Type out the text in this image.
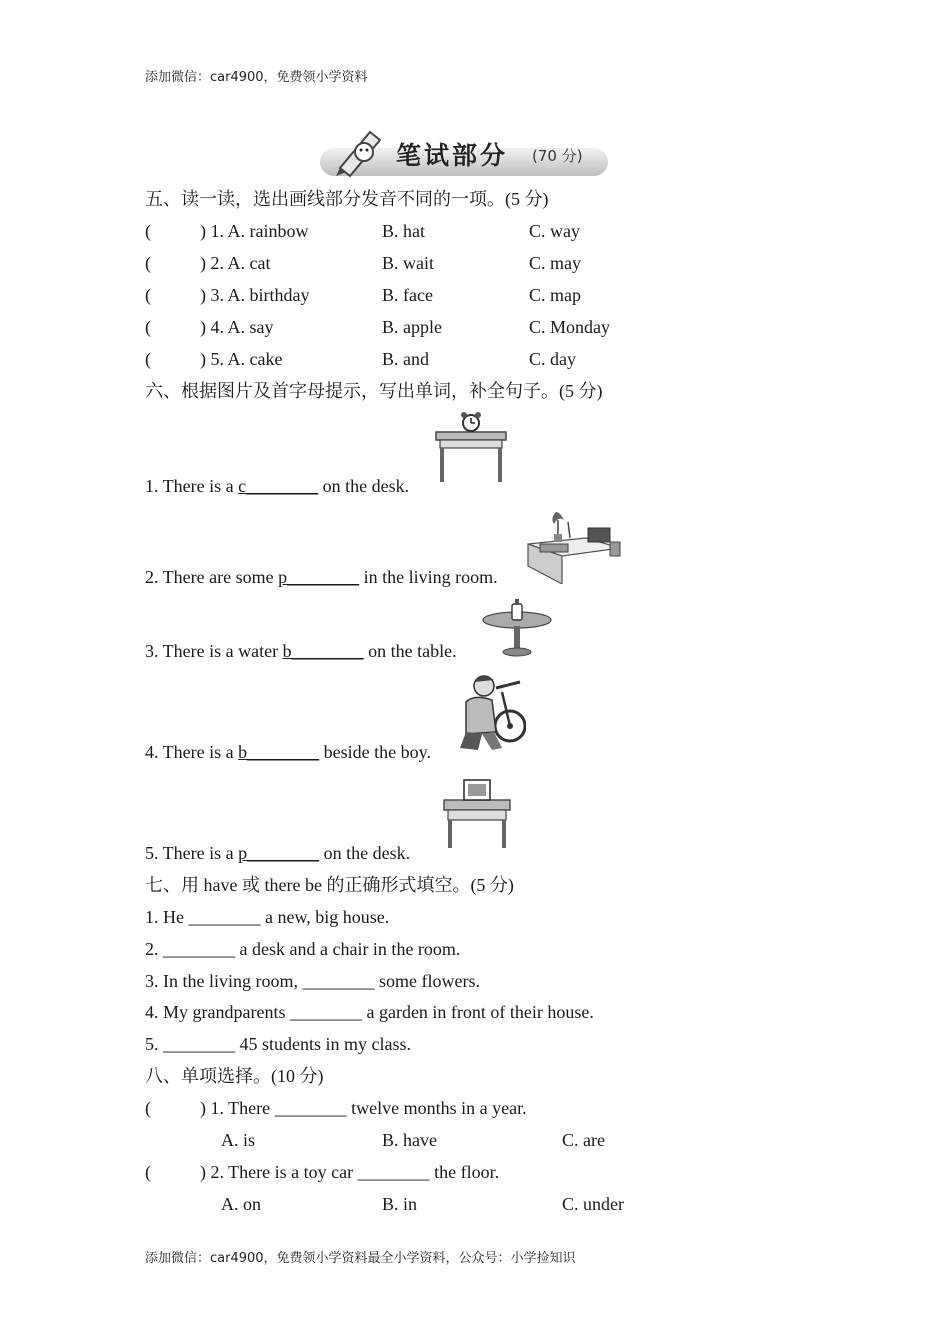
添加微信：car4900，免费领小学资料
笔试部分 (70 分)
五、读一读，选出画线部分发音不同的一项。(5 分)
(	) 1. A. rainbow	B. hat	C. way
(	) 2. A. cat	B. wait	C. may
(	) 3. A. birthday	B. face	C. map
(	) 4. A. say	B. apple	C. Monday
(	) 5. A. cake	B. and	C. day
六、根据图片及首字母提示，写出单词，补全句子。(5 分)
1. There is a c________ on the desk.
2. There are some p________ in the living room.
3. There is a water b________ on the table.
4. There is a b________ beside the boy.
5. There is a p________ on the desk.
七、用 have 或 there be 的正确形式填空。(5 分)
1. He ________ a new, big house.
2. ________ a desk and a chair in the room.
3. In the living room, ________ some flowers.
4. My grandparents ________ a garden in front of their house.
5. ________ 45 students in my class.
八、单项选择。(10 分)
(	) 1. There ________ twelve months in a year.
A. is	B. have	C. are
(	) 2. There is a toy car ________ the floor.
A. on	B. in	C. under
添加微信：car4900，免费领小学资料最全小学资料，公众号：小学捡知识
